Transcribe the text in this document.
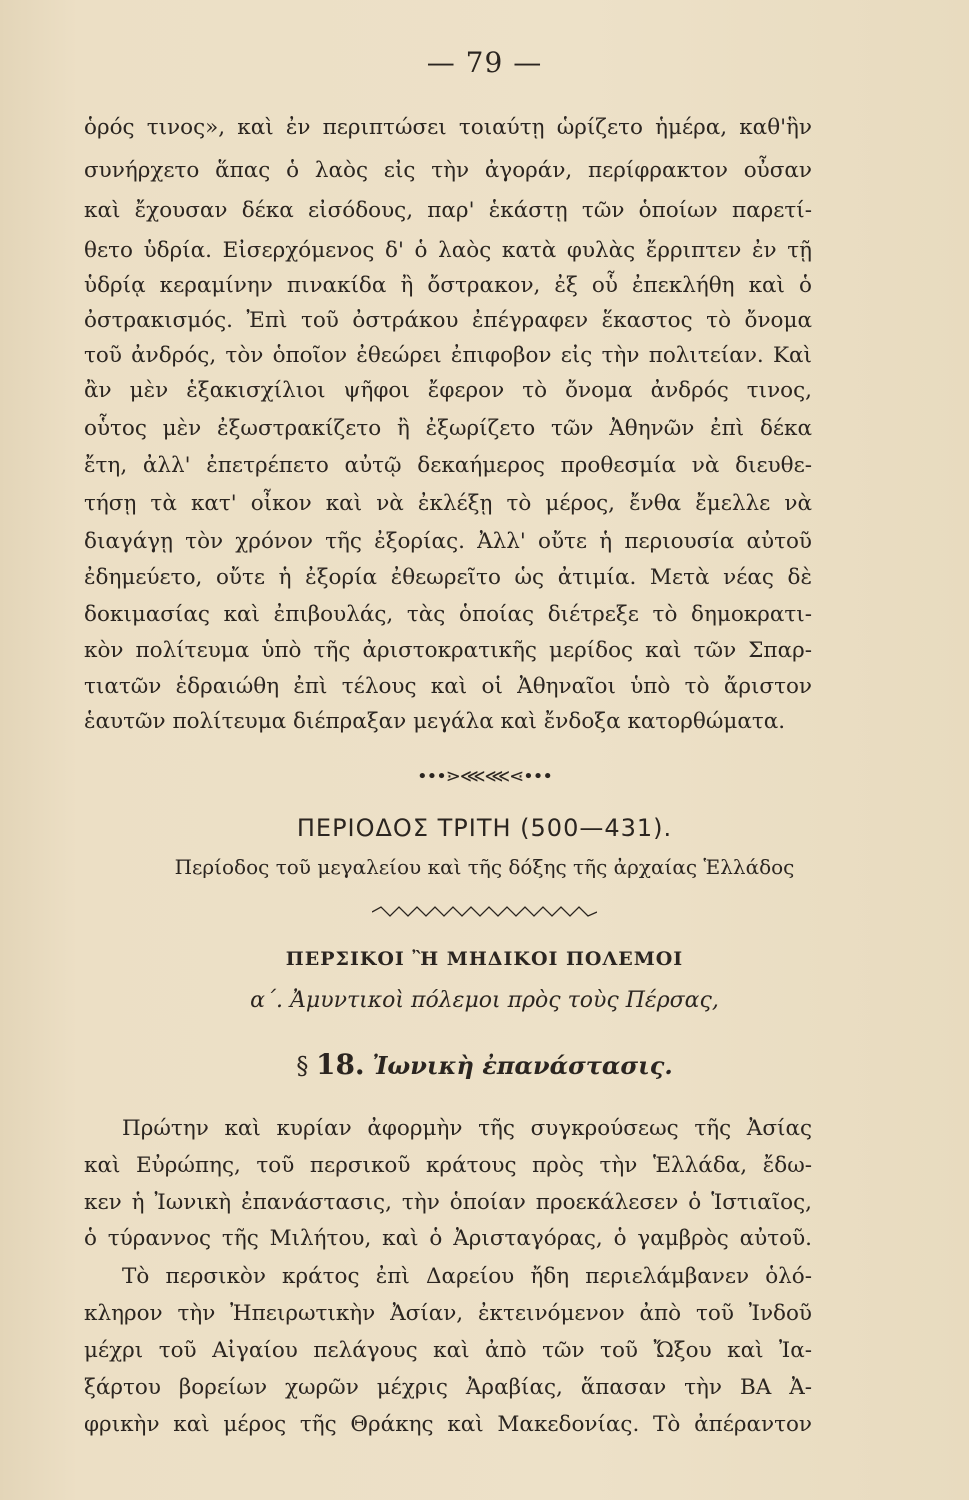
— 79 —
ὁρός τινος», καὶ ἐν περιπτώσει τοιαύτῃ ὡρίζετο ἡμέρα, καθ'ἣν
συνήρχετο ἅπας ὁ λαὸς εἰς τὴν ἀγοράν, περίφρακτον οὖσαν
καὶ ἔχουσαν δέκα εἰσόδους, παρ' ἑκάστῃ τῶν ὁποίων παρετί-
θετο ὑδρία. Εἰσερχόμενος δ' ὁ λαὸς κατὰ φυλὰς ἔρριπτεν ἐν τῇ
ὑδρίᾳ κεραμίνην πινακίδα ἢ ὄστρακον, ἐξ οὗ ἐπεκλήθη καὶ ὁ
ὀστρακισμός. Ἐπὶ τοῦ ὀστράκου ἐπέγραφεν ἕκαστος τὸ ὄνομα
τοῦ ἀνδρός, τὸν ὁποῖον ἐθεώρει ἐπιφοβον εἰς τὴν πολιτείαν. Καὶ
ἂν μὲν ἑξακισχίλιοι ψῆφοι ἔφερον τὸ ὄνομα ἀνδρός τινος,
οὗτος μὲν ἐξωστρακίζετο ἢ ἐξωρίζετο τῶν Ἀθηνῶν ἐπὶ δέκα
ἔτη, ἀλλ' ἐπετρέπετο αὐτῷ δεκαήμερος προθεσμία νὰ διευθε-
τήσῃ τὰ κατ' οἶκον καὶ νὰ ἐκλέξῃ τὸ μέρος, ἔνθα ἔμελλε νὰ
διαγάγῃ τὸν χρόνον τῆς ἐξορίας. Ἀλλ' οὔτε ἡ περιουσία αὐτοῦ
ἐδημεύετο, οὔτε ἡ ἐξορία ἐθεωρεῖτο ὡς ἀτιμία. Μετὰ νέας δὲ
δοκιμασίας καὶ ἐπιβουλάς, τὰς ὁποίας διέτρεξε τὸ δημοκρατι-
κὸν πολίτευμα ὑπὸ τῆς ἀριστοκρατικῆς μερίδος καὶ τῶν Σπαρ-
τιατῶν ἑδραιώθη ἐπὶ τέλους καὶ οἱ Ἀθηναῖοι ὑπὸ τὸ ἄριστον
ἑαυτῶν πολίτευμα διέπραξαν μεγάλα καὶ ἔνδοξα κατορθώματα.
•••⋗⋘⋘⋖•••
ΠΕΡΙΟΔΟΣ ΤΡΙΤΗ (500—431).
Περίοδος τοῦ μεγαλείου καὶ τῆς δόξης τῆς ἀρχαίας Ἑλλάδος
ΠΕΡΣΙΚΟΙ Ἢ ΜΗΔΙΚΟΙ ΠΟΛΕΜΟΙ
α΄. Ἀμυντικοὶ πόλεμοι πρὸς τοὺς Πέρσας,
§ 18. Ἰωνικὴ ἐπανάστασις.
Πρώτην καὶ κυρίαν ἀφορμὴν τῆς συγκρούσεως τῆς Ἀσίας
καὶ Εὐρώπης, τοῦ περσικοῦ κράτους πρὸς τὴν Ἑλλάδα, ἔδω-
κεν ἡ Ἰωνικὴ ἐπανάστασις, τὴν ὁποίαν προεκάλεσεν ὁ Ἱστιαῖος,
ὁ τύραννος τῆς Μιλήτου, καὶ ὁ Ἀρισταγόρας, ὁ γαμβρὸς αὐτοῦ.
Τὸ περσικὸν κράτος ἐπὶ Δαρείου ἤδη περιελάμβανεν ὁλό-
κληρον τὴν Ἠπειρωτικὴν Ἀσίαν, ἐκτεινόμενον ἀπὸ τοῦ Ἰνδοῦ
μέχρι τοῦ Αἰγαίου πελάγους καὶ ἀπὸ τῶν τοῦ Ὤξου καὶ Ἰα-
ξάρτου βορείων χωρῶν μέχρις Ἀραβίας, ἅπασαν τὴν ΒΑ Ἀ-
φρικὴν καὶ μέρος τῆς Θράκης καὶ Μακεδονίας. Τὸ ἀπέραντον
